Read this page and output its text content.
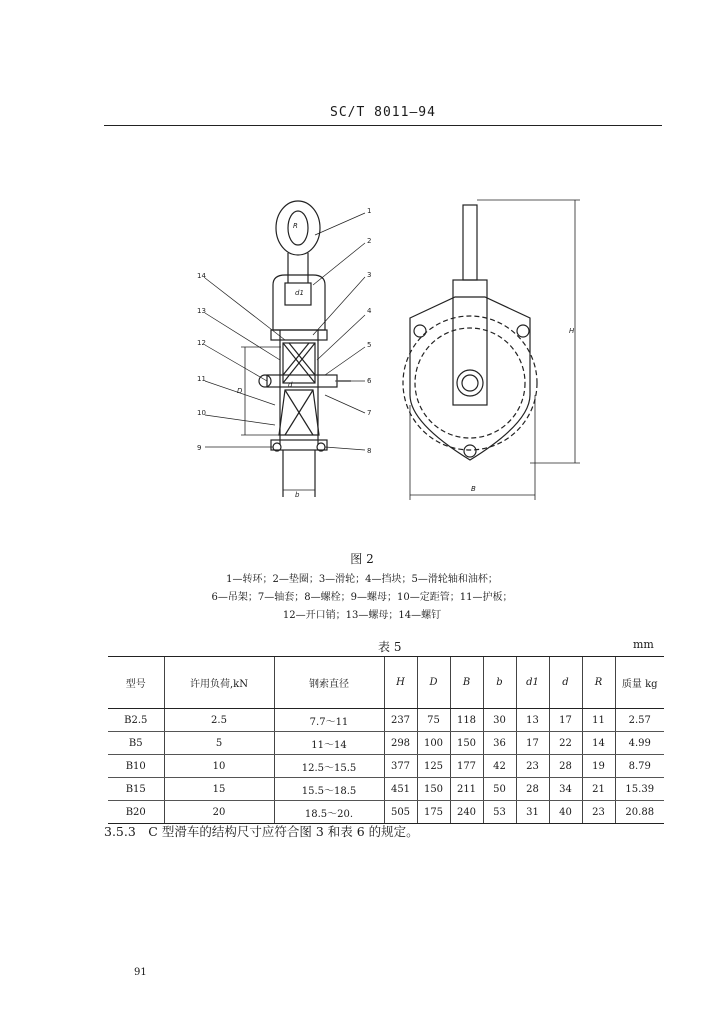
SC/T 8011—94
1
2
3
4
5
6
7
8
9
10
11
12
13
14
D
b
R
d1
d
H
B
图 2
1—转环；2—垫圈；3—滑轮；4—挡块；5—滑轮轴和油杯；
6—吊架；7—轴套；8—螺栓；9—螺母；10—定距管；11—护板；
12—开口销；13—螺母；14—螺钉
表 5	mm
型号	许用负荷,kN	钢索直径	H	D	B	b	d1	d	R	质量 kg
B2.5	2.5	7.7～11	237	75	118	30	13	17	11	2.57
B5	5	11～14	298	100	150	36	17	22	14	4.99
B10	10	12.5～15.5	377	125	177	42	23	28	19	8.79
B15	15	15.5～18.5	451	150	211	50	28	34	21	15.39
B20	20	18.5～20.	505	175	240	53	31	40	23	20.88
3.5.3　C 型滑车的结构尺寸应符合图 3 和表 6 的规定。
91
